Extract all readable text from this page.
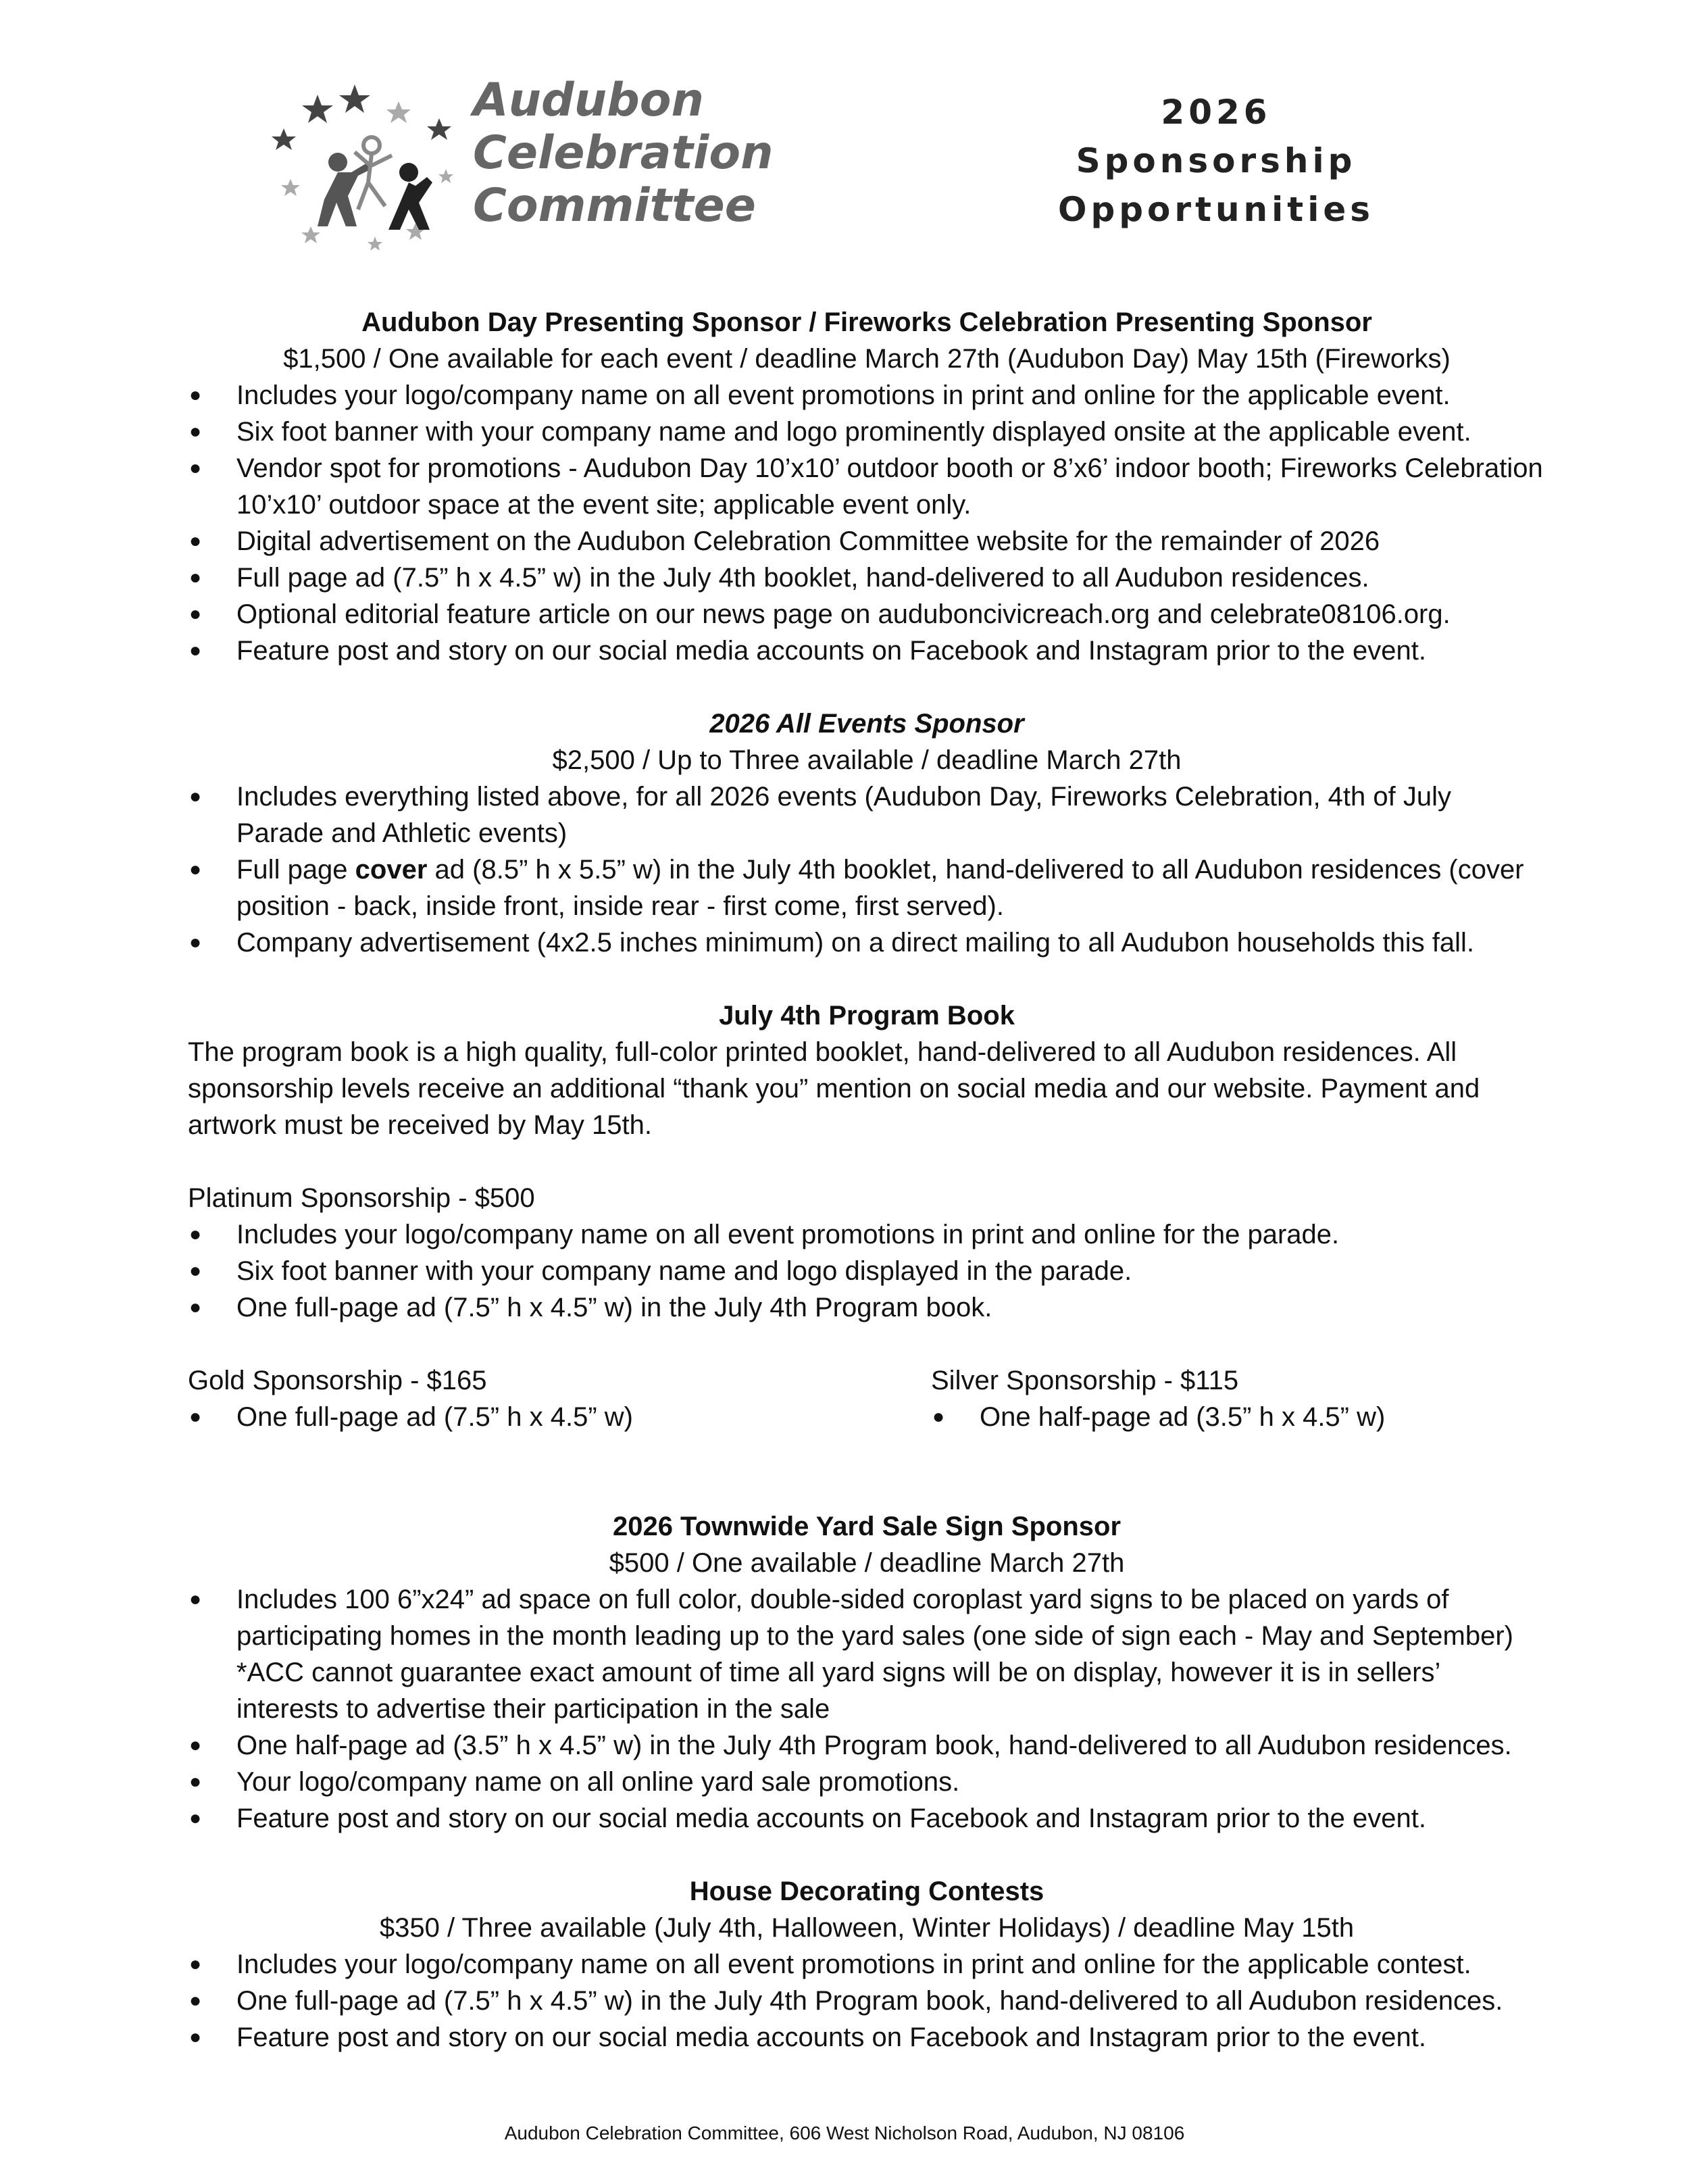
Audubon
Celebration
Committee
2026
Sponsorship
Opportunities
Audubon Day Presenting Sponsor / Fireworks Celebration Presenting Sponsor
$1,500 / One available for each event / deadline March 27th (Audubon Day) May 15th (Fireworks)
● Includes your logo/company name on all event promotions in print and online for the applicable event.
● Six foot banner with your company name and logo prominently displayed onsite at the applicable event.
● Vendor spot for promotions - Audubon Day 10’x10’ outdoor booth or 8’x6’ indoor booth; Fireworks Celebration 10’x10’ outdoor space at the event site; applicable event only.
● Digital advertisement on the Audubon Celebration Committee website for the remainder of 2026
● Full page ad (7.5” h x 4.5” w) in the July 4th booklet, hand-delivered to all Audubon residences.
● Optional editorial feature article on our news page on auduboncivicreach.org and celebrate08106.org.
● Feature post and story on our social media accounts on Facebook and Instagram prior to the event.
2026 All Events Sponsor
$2,500 / Up to Three available / deadline March 27th
● Includes everything listed above, for all 2026 events (Audubon Day, Fireworks Celebration, 4th of July Parade and Athletic events)
● Full page cover ad (8.5” h x 5.5” w) in the July 4th booklet, hand-delivered to all Audubon residences (cover position - back, inside front, inside rear - first come, first served).
● Company advertisement (4x2.5 inches minimum) on a direct mailing to all Audubon households this fall.
July 4th Program Book

The program book is a high quality, full-color printed booklet, hand-delivered to all Audubon residences. All sponsorship levels receive an additional “thank you” mention on social media and our website. Payment and artwork must be received by May 15th.

Platinum Sponsorship - $500
● Includes your logo/company name on all event promotions in print and online for the parade.
● Six foot banner with your company name and logo displayed in the parade.
● One full-page ad (7.5” h x 4.5” w) in the July 4th Program book.
Gold Sponsorship - $165
● One full-page ad (7.5” h x 4.5” w)
Silver Sponsorship - $115
● One half-page ad (3.5” h x 4.5” w)
2026 Townwide Yard Sale Sign Sponsor
$500 / One available / deadline March 27th
● Includes 100 6”x24” ad space on full color, double-sided coroplast yard signs to be placed on yards of participating homes in the month leading up to the yard sales (one side of sign each - May and September) *ACC cannot guarantee exact amount of time all yard signs will be on display, however it is in sellers’ interests to advertise their participation in the sale
● One half-page ad (3.5” h x 4.5” w) in the July 4th Program book, hand-delivered to all Audubon residences.
● Your logo/company name on all online yard sale promotions.
● Feature post and story on our social media accounts on Facebook and Instagram prior to the event.
House Decorating Contests
$350 / Three available (July 4th, Halloween, Winter Holidays) / deadline May 15th
● Includes your logo/company name on all event promotions in print and online for the applicable contest.
● One full-page ad (7.5” h x 4.5” w) in the July 4th Program book, hand-delivered to all Audubon residences.
● Feature post and story on our social media accounts on Facebook and Instagram prior to the event.
Audubon Celebration Committee, 606 West Nicholson Road, Audubon, NJ 08106
